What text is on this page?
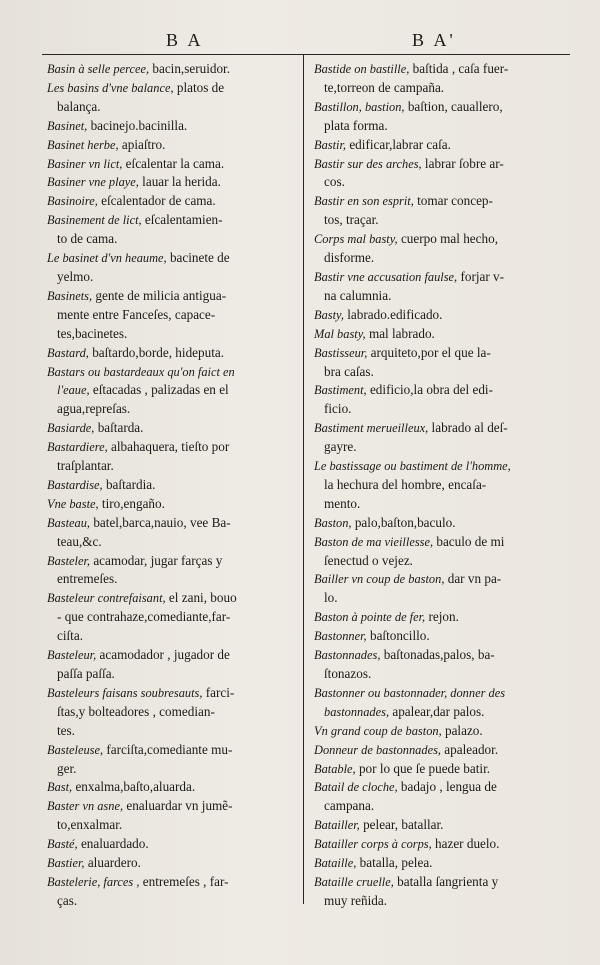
B A	B A'

Basin à selle percee, bacin,seruidor.

Les basins d'vne balance, platos de
balança.

Basinet, bacinejo.bacinilla.

Basinet herbe, apiaſtro.

Basiner vn lict, eſcalentar la cama.

Basiner vne playe, lauar la herida.

Basinoire, eſcalentador de cama.

Basinement de lict, eſcalentamien-
to de cama.

Le basinet d'vn heaume, bacinete de
yelmo.

Basinets, gente de milicia antigua-
mente entre Fanceſes, capace-
tes,bacinetes.

Bastard, baſtardo,borde, hideputa.

Bastars ou bastardeaux qu'on faict en
l'eaue, eſtacadas , palizadas en el
agua,repreſas.

Basiarde, baſtarda.

Bastardiere, albahaquera, tieſto por
traſplantar.

Bastardise, baſtardia.

Vne baste, tiro,engaño.

Basteau, batel,barca,nauio, vee Ba-
teau,&c.

Basteler, acamodar, jugar farças y
entremeſes.

Basteleur contrefaisant, el zani, bouo
- que contrahaze,comediante,far-
ciſta.

Basteleur, acamodador , jugador de
paſſa paſſa.

Basteleurs faisans soubresauts, farci-
ſtas,y bolteadores , comedian-
tes.

Basteleuse, farciſta,comediante mu-
ger.

Bast, enxalma,baſto,aluarda.

Baster vn asne, enaluardar vn jumẽ-
to,enxalmar.

Basté, enaluardado.

Bastier, aluardero.

Bastelerie, farces , entremeſes , far-
ças.

Bastide on bastille, baſtida , caſa fuer-
te,torreon de campaña.

Bastillon, bastion, baſtion, cauallero,
plata forma.

Bastir, edificar,labrar caſa.

Bastir sur des arches, labrar ſobre ar-
cos.

Bastir en son esprit, tomar concep-
tos, traçar.

Corps mal basty, cuerpo mal hecho,
disforme.

Bastir vne accusation faulse, forjar v-
na calumnia.

Basty, labrado.edificado.

Mal basty, mal labrado.

Bastisseur, arquiteto,por el que la-
bra caſas.

Bastiment, edificio,la obra del edi-
ficio.

Bastiment merueilleux, labrado al deſ-
gayre.

Le bastissage ou bastiment de l'homme,
la hechura del hombre, encaſa-
mento.

Baston, palo,baſton,baculo.

Baston de ma vieillesse, baculo de mi
ſenectud o vejez.

Bailler vn coup de baston, dar vn pa-
lo.

Baston à pointe de fer, rejon.

Bastonner, baſtoncillo.

Bastonnades, baſtonadas,palos, ba-
ſtonazos.

Bastonner ou bastonnader, donner des
bastonnades, apalear,dar palos.

Vn grand coup de baston, palazo.

Donneur de bastonnades, apaleador.

Batable, por lo que ſe puede batir.

Batail de cloche, badajo , lengua de
campana.

Batailler, pelear, batallar.

Batailler corps à corps, hazer duelo.

Bataille, batalla, pelea.

Bataille cruelle, batalla ſangrienta y
muy reñida.
